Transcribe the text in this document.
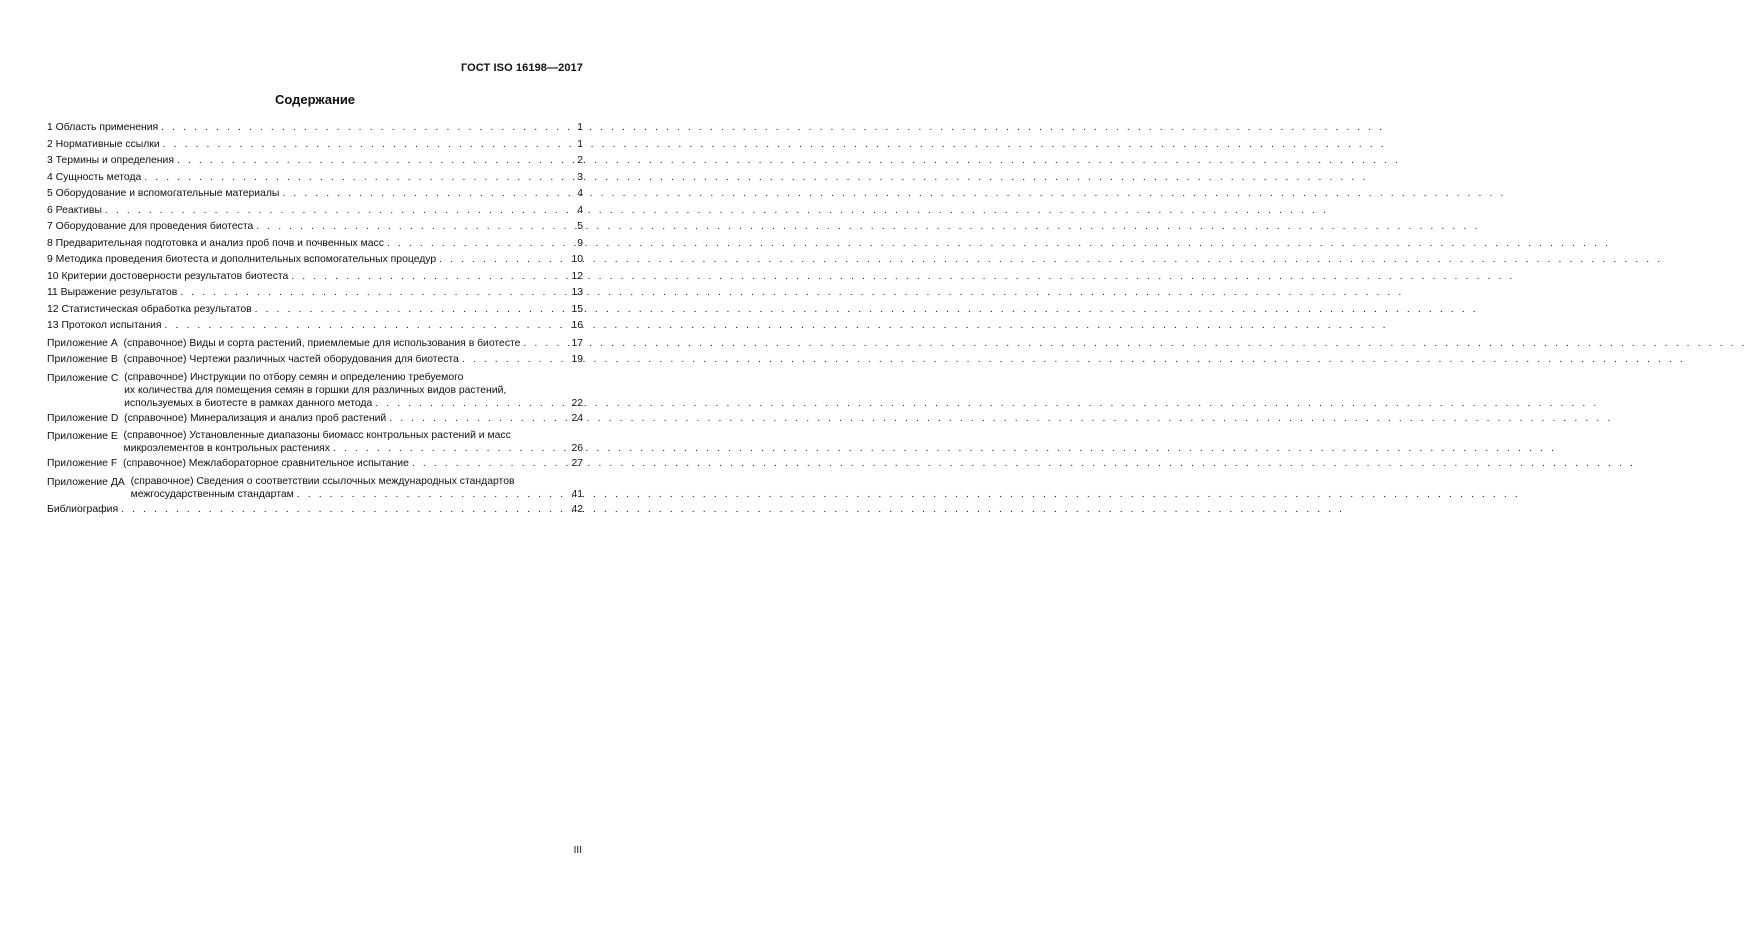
ГОСТ ISO 16198—2017
Содержание
1 Область применения . . .	1
2 Нормативные ссылки . . .	1
3 Термины и определения . . .	2
4 Сущность метода . . .	3
5 Оборудование и вспомогательные материалы . . .	4
6 Реактивы . . .	4
7 Оборудование для проведения биотеста . . .	5
8 Предварительная подготовка и анализ проб почв и почвенных масс . . .	9
9 Методика проведения биотеста и дополнительных вспомогательных процедур . . .	10
10 Критерии достоверности результатов биотеста . . .	12
11 Выражение результатов . . .	13
12 Статистическая обработка результатов . . .	15
13 Протокол испытания . . .	16
Приложение А (справочное) Виды и сорта растений, приемлемые для использования в биотесте . . .	17
Приложение В (справочное) Чертежи различных частей оборудования для биотеста . . .	19
Приложение С (справочное) Инструкции по отбору семян и определению требуемого
их количества для помещения семян в горшки для различных видов растений,
используемых в биотесте в рамках данного метода . . .	22
Приложение D (справочное) Минерализация и анализ проб растений . . .	24
Приложение Е (справочное) Установленные диапазоны биомасс контрольных растений и масс
микроэлементов в контрольных растениях . . .	26
Приложение F (справочное) Межлабораторное сравнительное испытание . . .	27
Приложение ДА (справочное) Сведения о соответствии ссылочных международных стандартов
межгосударственным стандартам . . .	41
Библиография . . .	42
III
